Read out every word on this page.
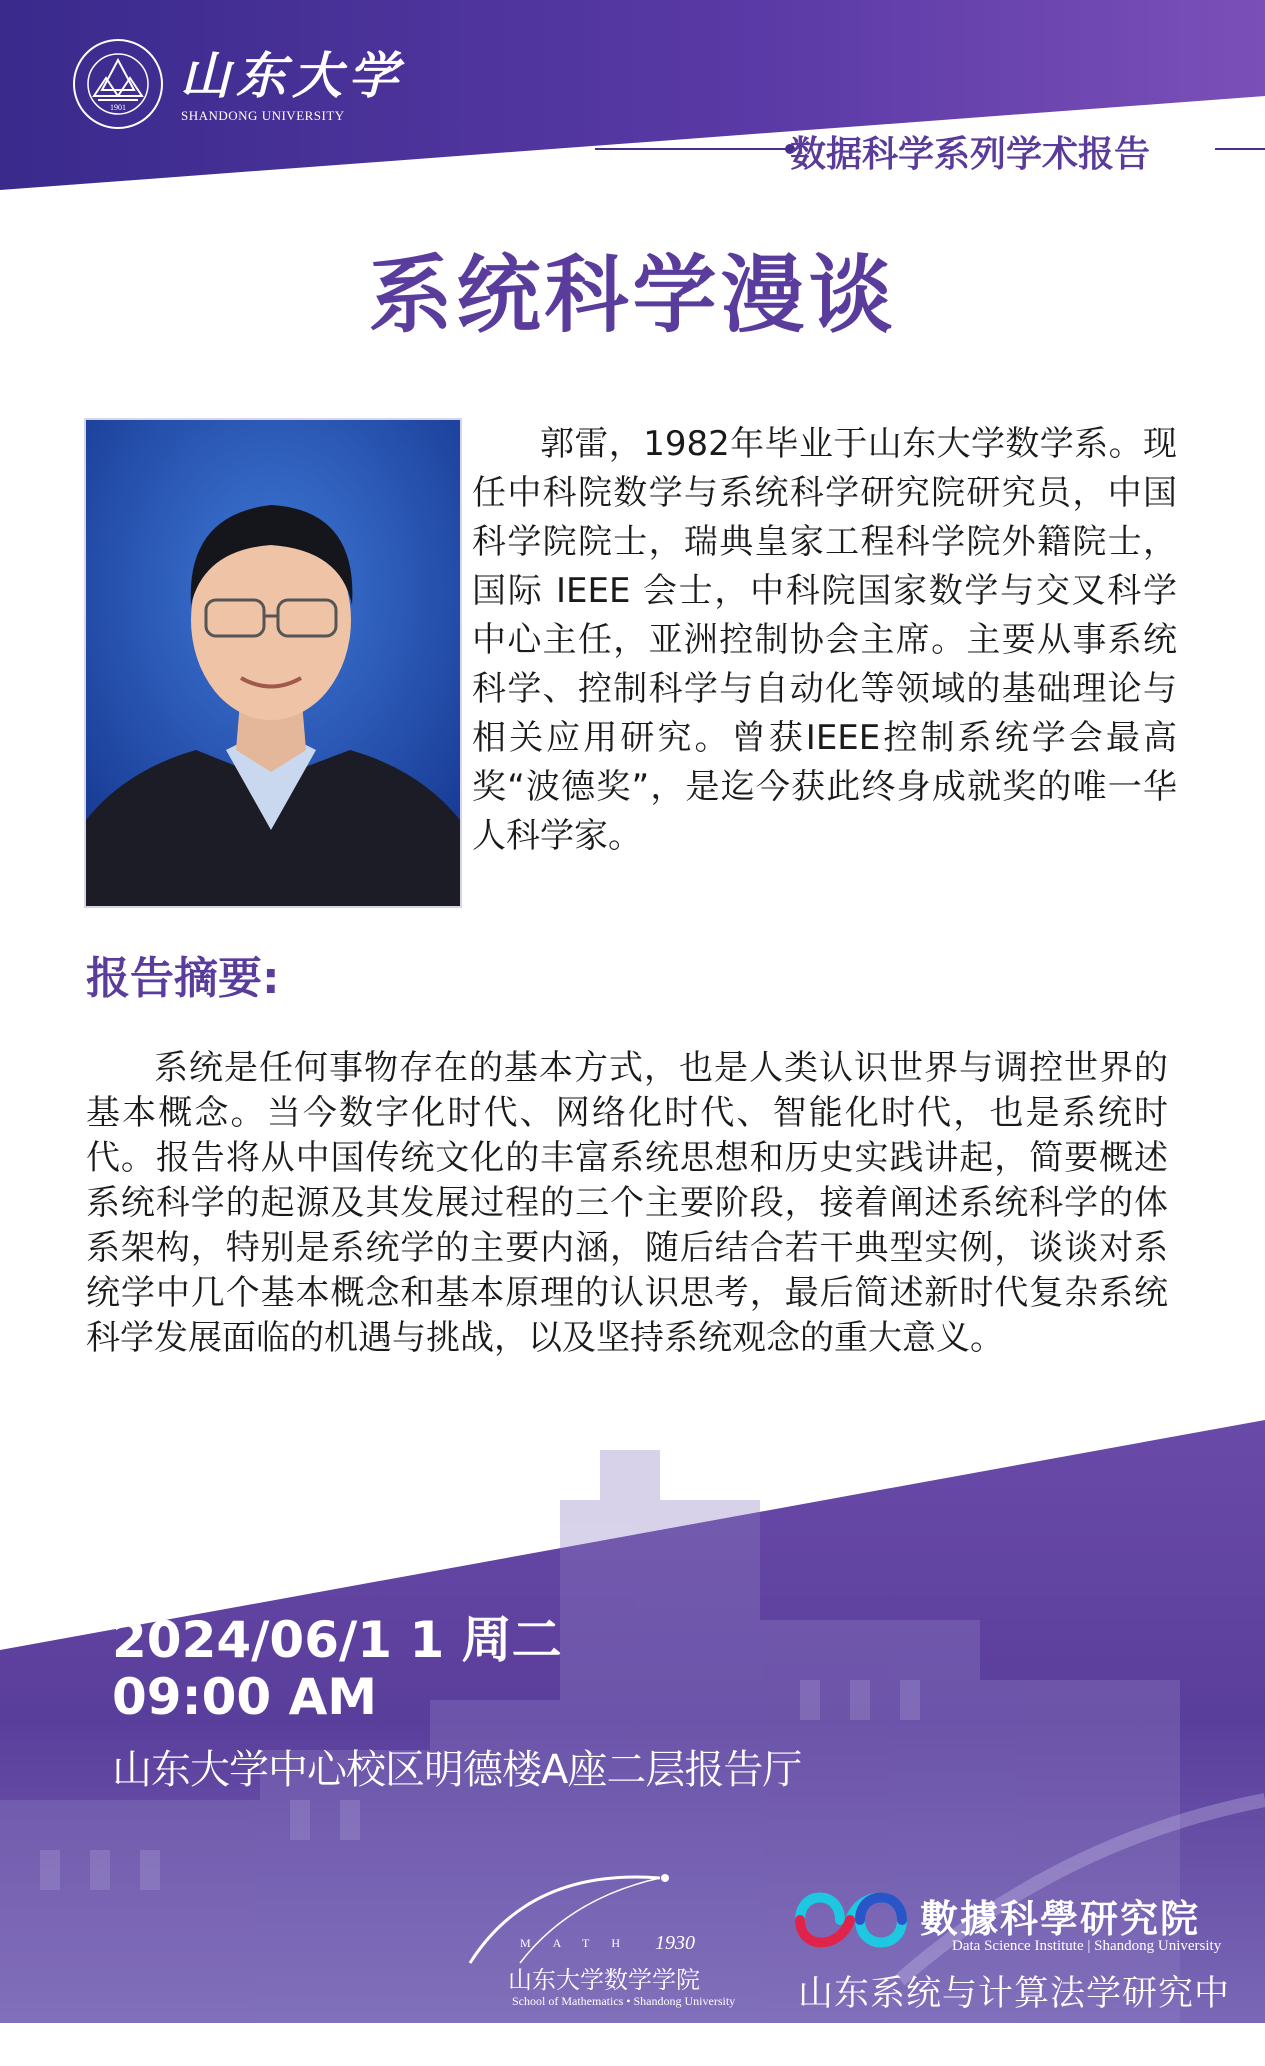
1901
山东大学
SHANDONG UNIVERSITY
数据科学系列学术报告
系统科学漫谈
郭雷，1982年毕业于山东大学数学系。现任中科院数学与系统科学研究院研究员，中国科学院院士，瑞典皇家工程科学院外籍院士，国际 IEEE 会士，中科院国家数学与交叉科学中心主任，亚洲控制协会主席。主要从事系统科学、控制科学与自动化等领域的基础理论与相关应用研究。曾获IEEE控制系统学会最高奖“波德奖”，是迄今获此终身成就奖的唯一华人科学家。
报告摘要:
系统是任何事物存在的基本方式，也是人类认识世界与调控世界的基本概念。当今数字化时代、网络化时代、智能化时代，也是系统时代。报告将从中国传统文化的丰富系统思想和历史实践讲起，简要概述系统科学的起源及其发展过程的三个主要阶段，接着阐述系统科学的体系架构，特别是系统学的主要内涵，随后结合若干典型实例，谈谈对系统学中几个基本概念和基本原理的认识思考，最后简述新时代复杂系统科学发展面临的机遇与挑战，以及坚持系统观念的重大意义。
2024/06/1 1 周二
09:00 AM
山东大学中心校区明德楼A座二层报告厅
MATH 1930
山东大学数学学院
School of Mathematics • Shandong University
數據科學研究院
Data Science Institute | Shandong University
山东系统与计算法学研究中心
